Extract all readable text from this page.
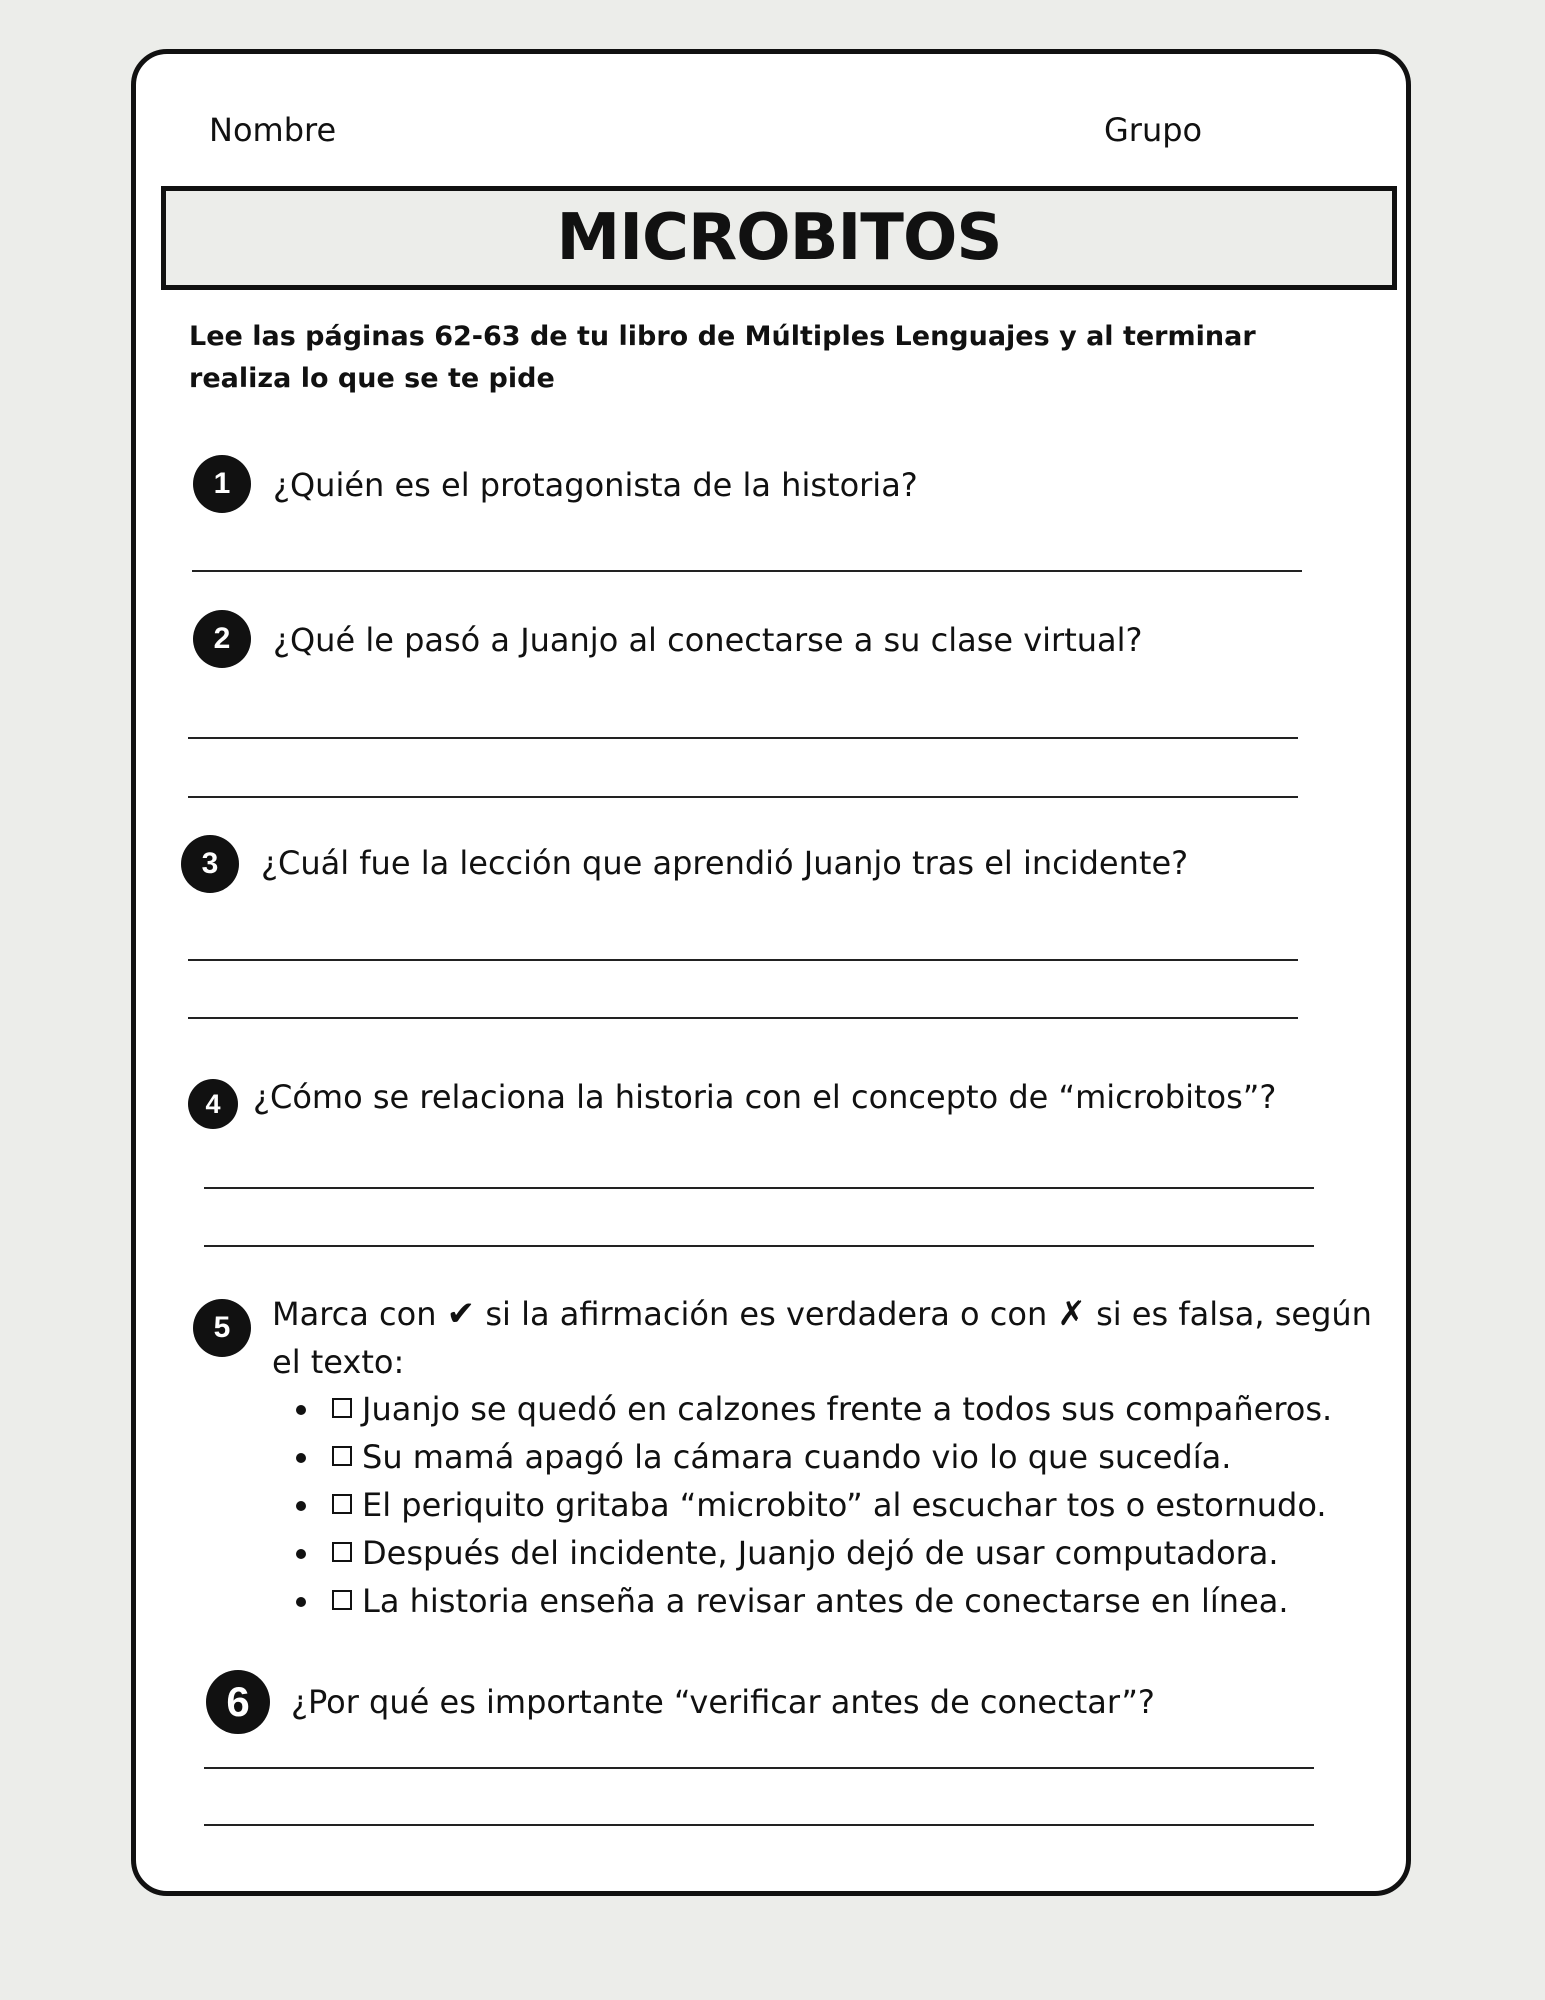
Nombre	Grupo
MICROBITOS
Lee las páginas 62-63 de tu libro de Múltiples Lenguajes y al terminar realiza lo que se te pide
1	¿Quién es el protagonista de la historia?
2	¿Qué le pasó a Juanjo al conectarse a su clase virtual?
3	¿Cuál fue la lección que aprendió Juanjo tras el incidente?
4	¿Cómo se relaciona la historia con el concepto de “microbitos”?
5	Marca con ✔ si la afirmación es verdadera o con ✗ si es falsa, según el texto:
Juanjo se quedó en calzones frente a todos sus compañeros.
Su mamá apagó la cámara cuando vio lo que sucedía.
El periquito gritaba “microbito” al escuchar tos o estornudo.
Después del incidente, Juanjo dejó de usar computadora.
La historia enseña a revisar antes de conectarse en línea.
6	¿Por qué es importante “verificar antes de conectar”?
